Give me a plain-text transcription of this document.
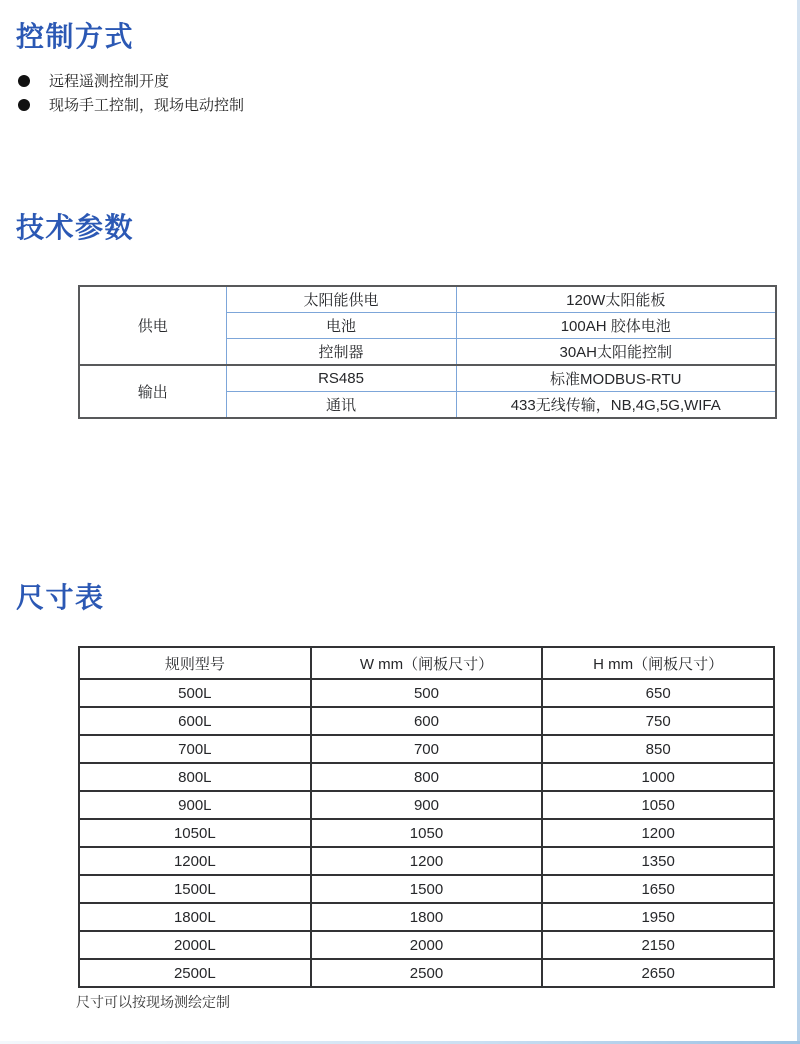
控制方式
远程遥测控制开度
现场手工控制，现场电动控制
技术参数
供电	太阳能供电	120W太阳能板
	电池	100AH 胶体电池
	控制器	30AH太阳能控制
输出	RS485	标准MODBUS-RTU
	通讯	433无线传输，NB,4G,5G,WIFA
尺寸表
规则型号	W mm（闸板尺寸）	H mm（闸板尺寸）
500L	500	650
600L	600	750
700L	700	850
800L	800	1000
900L	900	1050
1050L	1050	1200
1200L	1200	1350
1500L	1500	1650
1800L	1800	1950
2000L	2000	2150
2500L	2500	2650
尺寸可以按现场测绘定制
